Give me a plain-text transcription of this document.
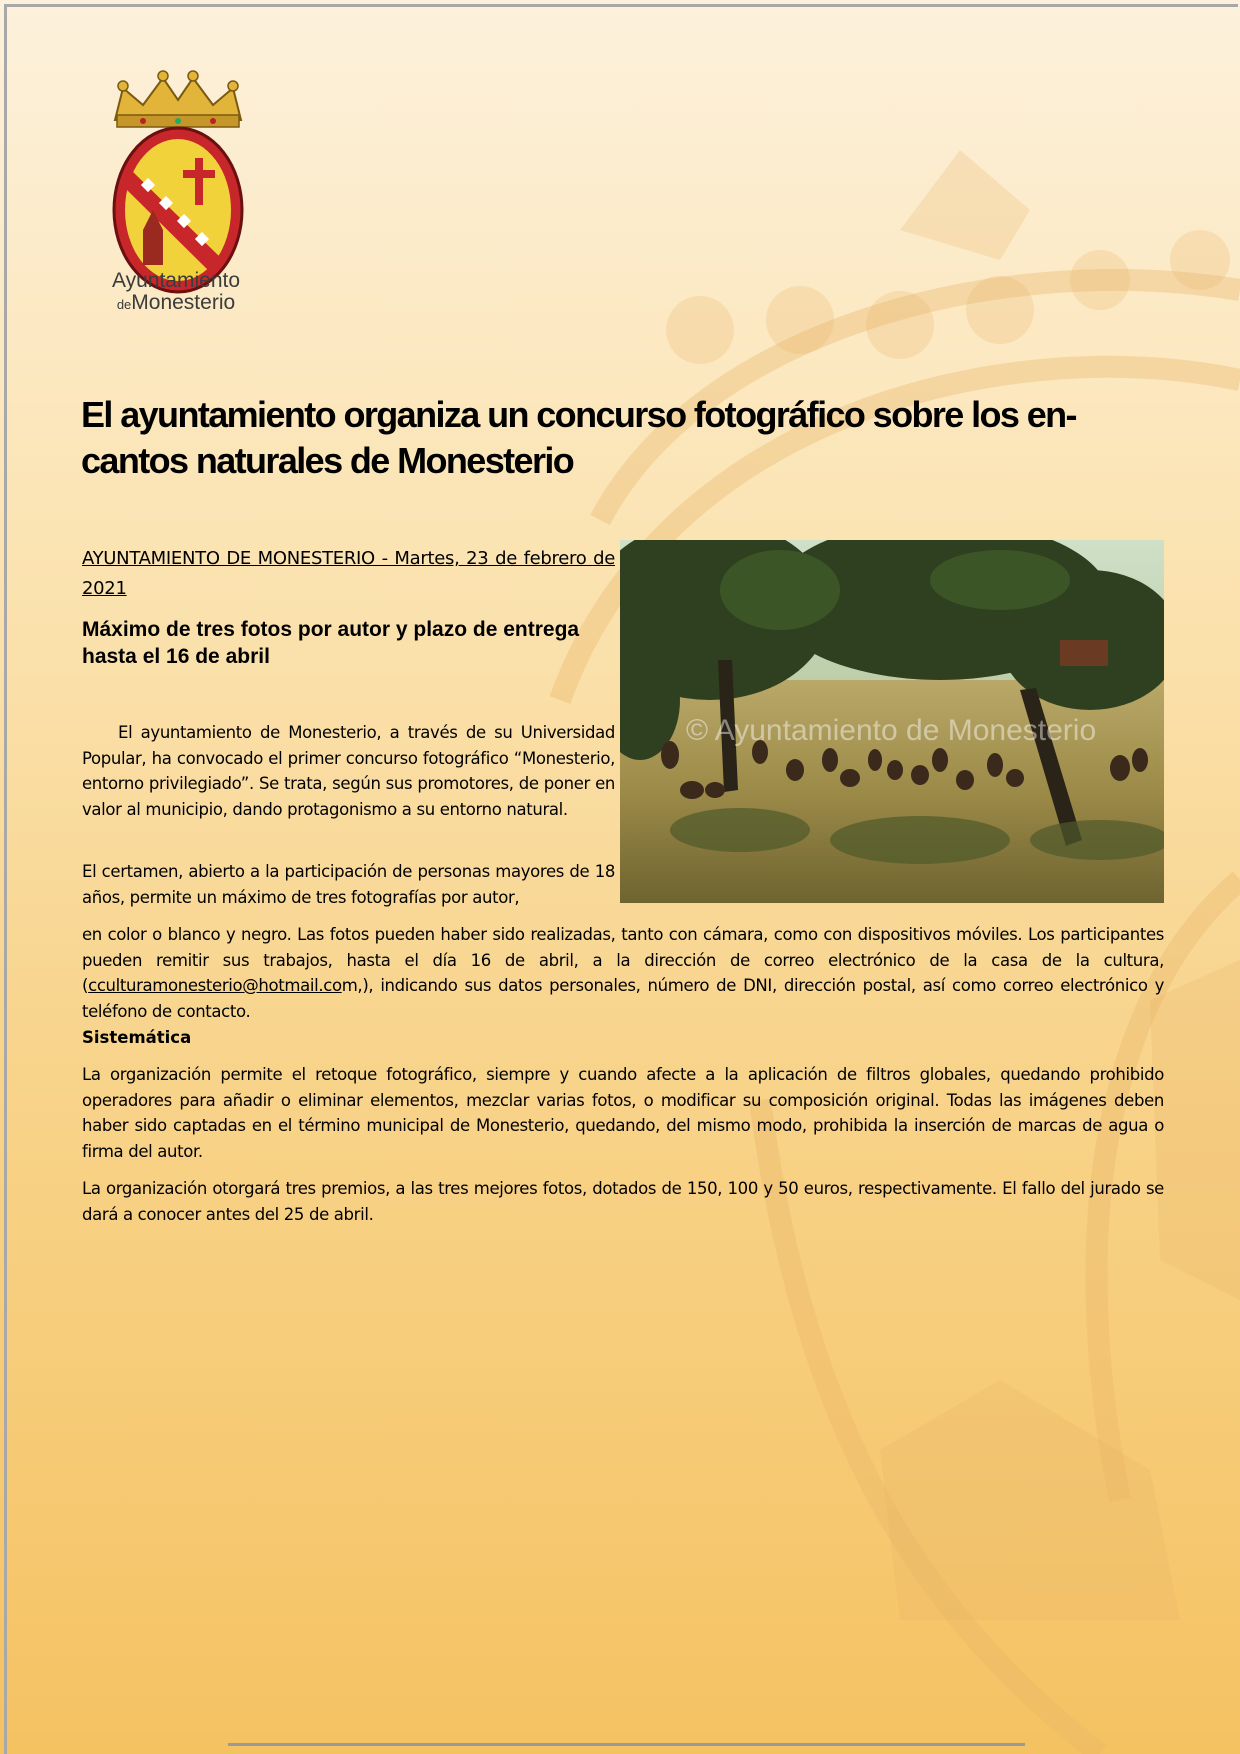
Ayuntamiento
deMonesterio
El ayuntamiento organiza un concurso fotográfico sobre los encantos naturales de Monesterio
AYUNTAMIENTO DE MONESTERIO - Martes, 23 de febrero de 2021
Máximo de tres fotos por autor y plazo de entrega hasta el 16 de abril
© Ayuntamiento de Monesterio

El ayuntamiento de Monesterio, a través de su Universidad Popular, ha convocado el primer concurso fotográfico “Monesterio, entorno privilegiado”. Se trata, según sus promotores, de poner en valor al municipio, dando protagonismo a su entorno natural.

El certamen, abierto a la participación de personas mayores de 18 años, permite un máximo de tres fotografías por autor,

en color o blanco y negro. Las fotos pueden haber sido realizadas, tanto con cámara, como con dispositivos móviles. Los participantes pueden remitir sus trabajos, hasta el día 16 de abril, a la dirección de correo electrónico de la casa de la cultura, (cculturamonesterio@hotmail.com,), indicando sus datos personales, número de DNI, dirección postal, así como correo electrónico y teléfono de contacto.

Sistemática

La organización permite el retoque fotográfico, siempre y cuando afecte a la aplicación de filtros globales, quedando prohibido operadores para añadir o eliminar elementos, mezclar varias fotos, o modificar su composición original. Todas las imágenes deben haber sido captadas en el término municipal de Monesterio, quedando, del mismo modo, prohibida la inserción de marcas de agua o firma del autor.

La organización otorgará tres premios, a las tres mejores fotos, dotados de 150, 100 y 50 euros, respectivamente. El fallo del jurado se dará a conocer antes del 25 de abril.
